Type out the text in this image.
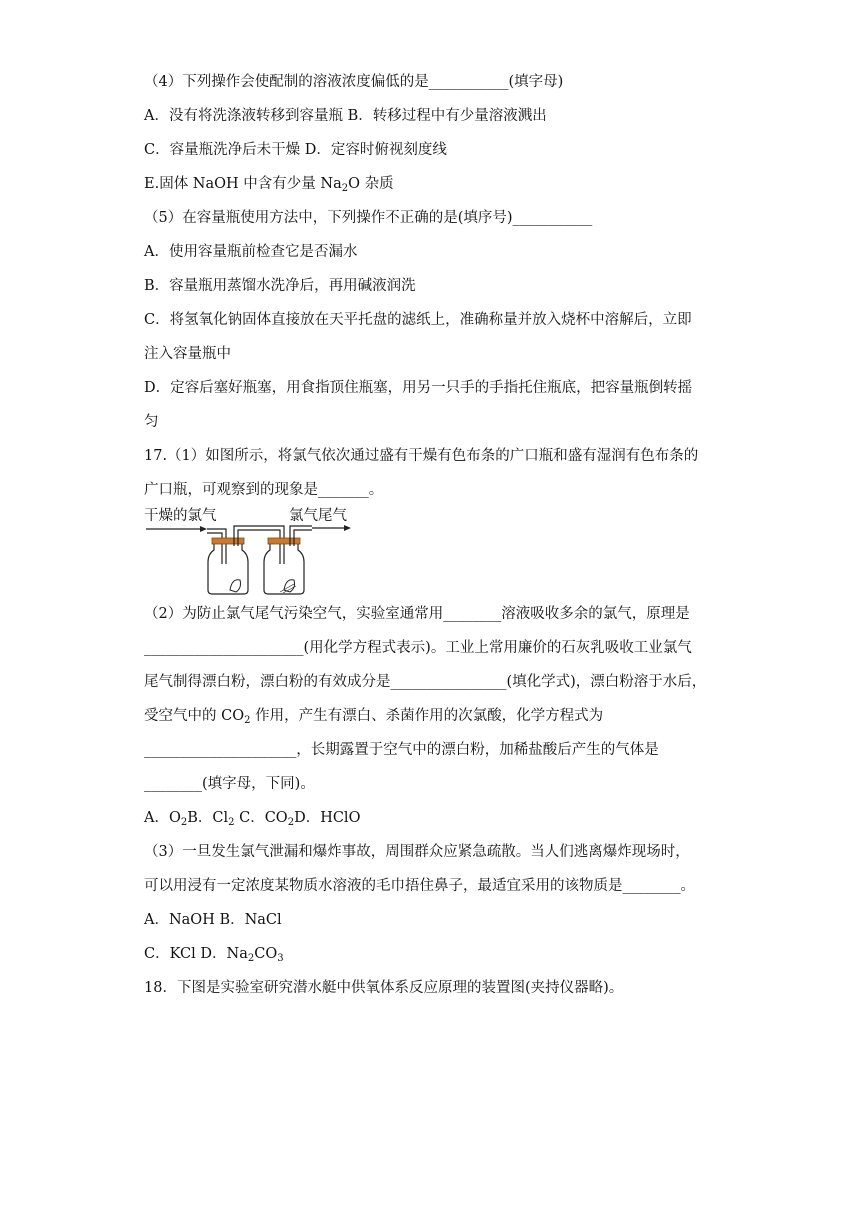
（4）下列操作会使配制的溶液浓度偏低的是___________(填字母)
A．没有将洗涤液转移到容量瓶 B．转移过程中有少量溶液溅出
C．容量瓶洗净后未干燥 D．定容时俯视刻度线
E.固体 NaOH 中含有少量 $Na_2O$ 杂质
（5）在容量瓶使用方法中，下列操作不正确的是(填序号)___________
A．使用容量瓶前检查它是否漏水
B．容量瓶用蒸馏水洗净后，再用碱液润洗
C．将氢氧化钠固体直接放在天平托盘的滤纸上，准确称量并放入烧杯中溶解后，立即
注入容量瓶中
D．定容后塞好瓶塞，用食指顶住瓶塞，用另一只手的手指托住瓶底，把容量瓶倒转摇
匀
17.（1）如图所示，将氯气依次通过盛有干燥有色布条的广口瓶和盛有湿润有色布条的
广口瓶，可观察到的现象是_______。
干燥的氯气	氯气尾气
（2）为防止氯气尾气污染空气，实验室通常用________溶液吸收多余的氯气，原理是
______________________(用化学方程式表示)。工业上常用廉价的石灰乳吸收工业氯气
尾气制得漂白粉，漂白粉的有效成分是________________(填化学式)，漂白粉溶于水后，
受空气中的 $CO_2$ 作用，产生有漂白、杀菌作用的次氯酸，化学方程式为
_____________________，长期露置于空气中的漂白粉，加稀盐酸后产生的气体是
________(填字母，下同)。
A．$O_2B$．$Cl_2$ C．$CO_2D$．HClO
（3）一旦发生氯气泄漏和爆炸事故，周围群众应紧急疏散。当人们逃离爆炸现场时，
可以用浸有一定浓度某物质水溶液的毛巾捂住鼻子，最适宜采用的该物质是________。
A．NaOH B．NaCl
C．KCl D．$Na_2CO_3$
18．下图是实验室研究潜水艇中供氧体系反应原理的装置图(夹持仪器略)。
